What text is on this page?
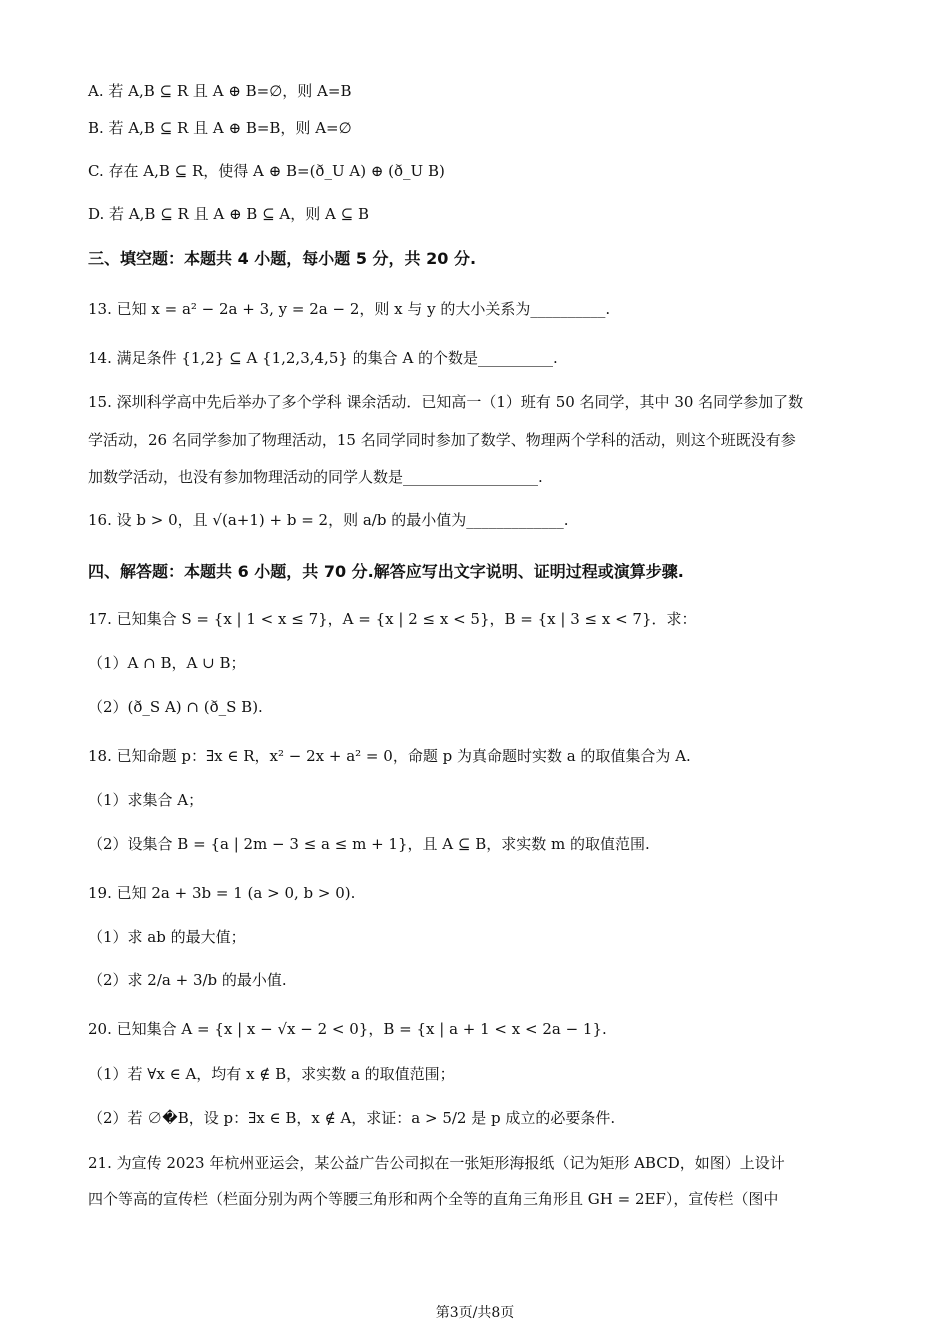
A. 若 A,B ⊆ R 且 A ⊕ B=∅，则 A=B
B. 若 A,B ⊆ R 且 A ⊕ B=B，则 A=∅
C. 存在 A,B ⊆ R，使得 A ⊕ B=(ð_U A) ⊕ (ð_U B)
D. 若 A,B ⊆ R 且 A ⊕ B ⊆ A，则 A ⊆ B
三、填空题：本题共 4 小题，每小题 5 分，共 20 分.
13. 已知 x = a² − 2a + 3, y = 2a − 2，则 x 与 y 的大小关系为__________.
14. 满足条件 {1,2} ⊆ A {1,2,3,4,5} 的集合 A 的个数是__________.
15. 深圳科学高中先后举办了多个学科 课余活动．已知高一（1）班有 50 名同学，其中 30 名同学参加了数
学活动，26 名同学参加了物理活动，15 名同学同时参加了数学、物理两个学科的活动，则这个班既没有参
加数学活动，也没有参加物理活动的同学人数是__________________.
16. 设 b > 0，且 √(a+1) + b = 2，则 a/b 的最小值为_____________.
四、解答题：本题共 6 小题，共 70 分.解答应写出文字说明、证明过程或演算步骤.
17. 已知集合 S = {x | 1 < x ≤ 7}，A = {x | 2 ≤ x < 5}，B = {x | 3 ≤ x < 7}．求：
（1）A ∩ B，A ∪ B；
（2）(ð_S A) ∩ (ð_S B).
18. 已知命题 p：∃x ∈ R，x² − 2x + a² = 0，命题 p 为真命题时实数 a 的取值集合为 A.
（1）求集合 A；
（2）设集合 B = {a | 2m − 3 ≤ a ≤ m + 1}，且 A ⊆ B，求实数 m 的取值范围.
19. 已知 2a + 3b = 1 (a > 0, b > 0).
（1）求 ab 的最大值；
（2）求 2/a + 3/b 的最小值.
20. 已知集合 A = {x | x − √x − 2 < 0}，B = {x | a + 1 < x < 2a − 1}.
（1）若 ∀x ∈ A，均有 x ∉ B，求实数 a 的取值范围；
（2）若 ∅�B，设 p：∃x ∈ B，x ∉ A，求证：a > 5/2 是 p 成立的必要条件.
21. 为宣传 2023 年杭州亚运会，某公益广告公司拟在一张矩形海报纸（记为矩形 ABCD，如图）上设计
四个等高的宣传栏（栏面分别为两个等腰三角形和两个全等的直角三角形且 GH = 2EF），宣传栏（图中
第3页/共8页
